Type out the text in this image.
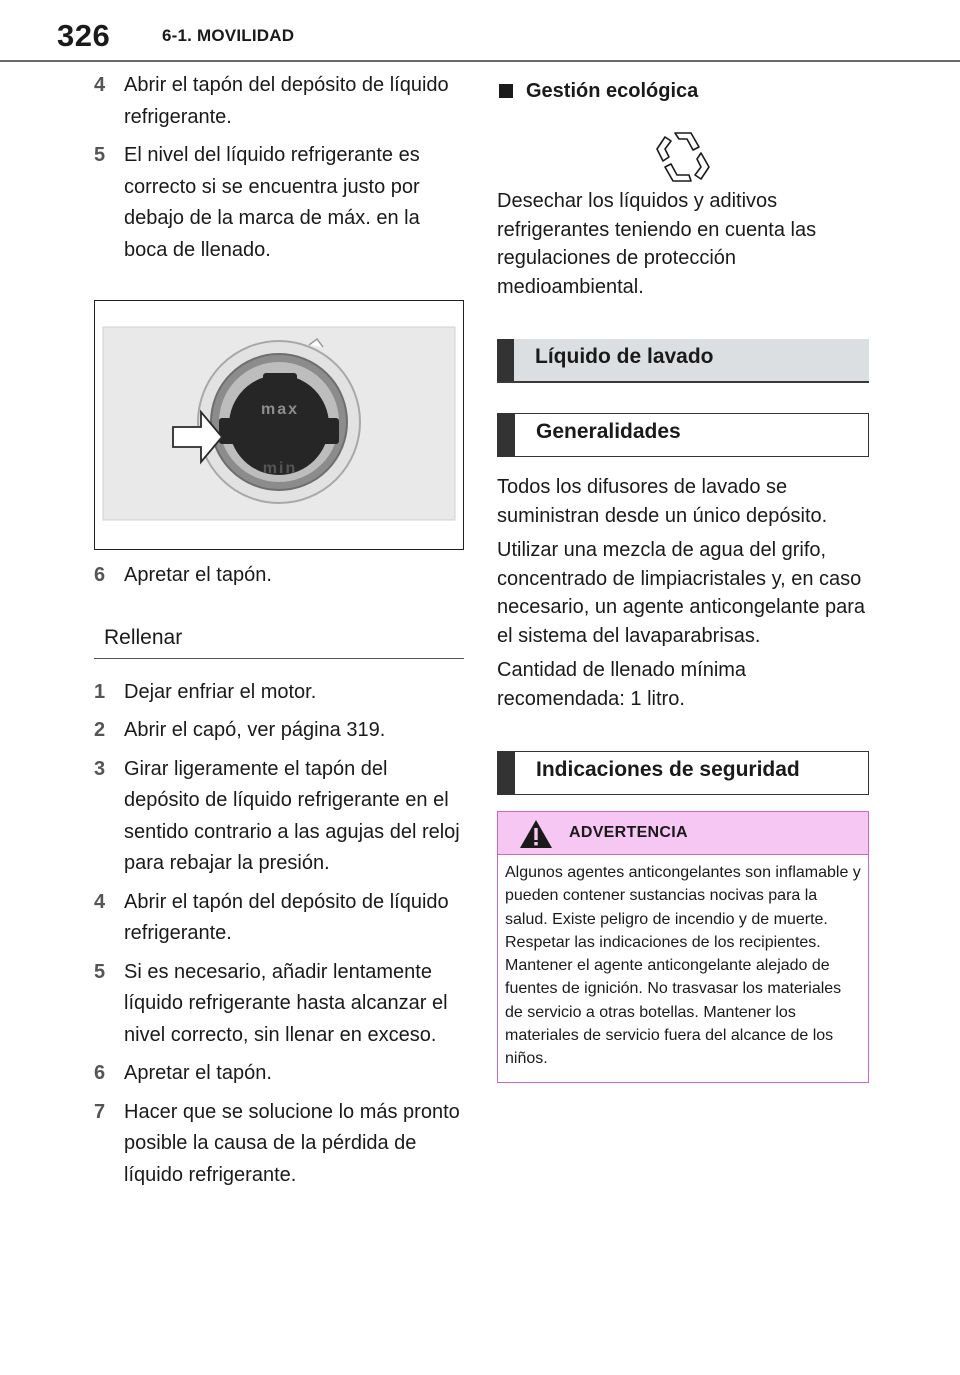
326	6-1. MOVILIDAD
4 Abrir el tapón del depósito de líquido refrigerante.
5 El nivel del líquido refrigerante es correcto si se encuentra justo por debajo de la marca de máx. en la boca de llenado.
max
min
6 Apretar el tapón.
Rellenar
1 Dejar enfriar el motor.
2 Abrir el capó, ver página 319.
3 Girar ligeramente el tapón del depósito de líquido refrigerante en el sentido contrario a las agujas del reloj para rebajar la presión.
4 Abrir el tapón del depósito de líquido refrigerante.
5 Si es necesario, añadir lentamente líquido refrigerante hasta alcanzar el nivel correcto, sin llenar en exceso.
6 Apretar el tapón.
7 Hacer que se solucione lo más pronto posible la causa de la pérdida de líquido refrigerante.
Gestión ecológica

Desechar los líquidos y aditivos refrigerantes teniendo en cuenta las regulaciones de protección medioambiental.

Líquido de lavado
Generalidades

Todos los difusores de lavado se suministran desde un único depósito.

Utilizar una mezcla de agua del grifo, concentrado de limpiacristales y, en caso necesario, un agente anticongelante para el sistema del lavaparabrisas.

Cantidad de llenado mínima recomendada: 1 litro.

Indicaciones de seguridad
ADVERTENCIA
Algunos agentes anticongelantes son inflamable y pueden contener sustancias nocivas para la salud. Existe peligro de incendio y de muerte. Respetar las indicaciones de los recipientes. Mantener el agente anticongelante alejado de fuentes de ignición. No trasvasar los materiales de servicio a otras botellas. Mantener los materiales de servicio fuera del alcance de los niños.
